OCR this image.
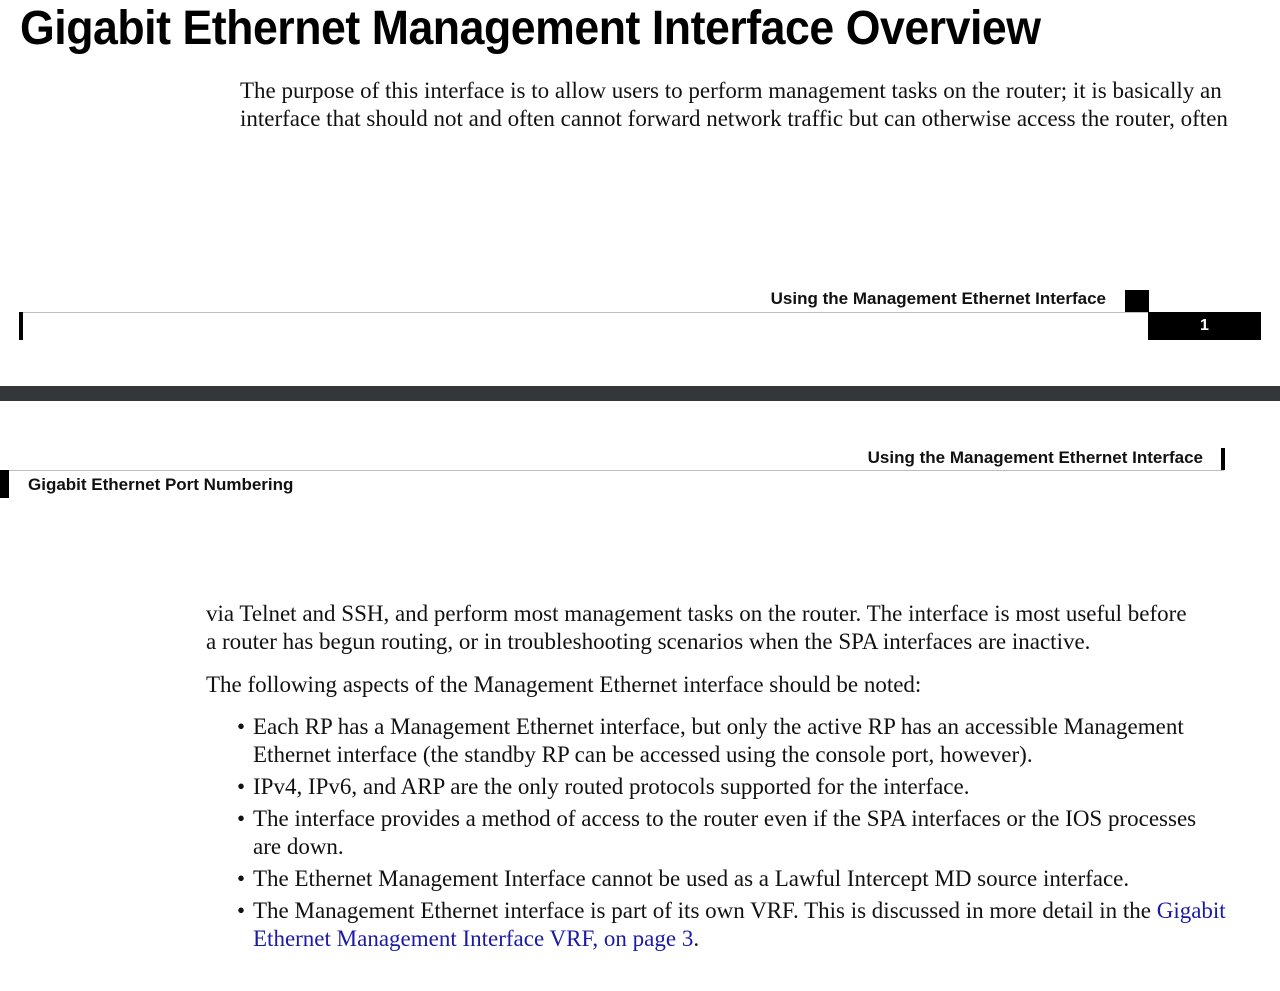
Gigabit Ethernet Management Interface Overview
The purpose of this interface is to allow users to perform management tasks on the router; it is basically an
interface that should not and often cannot forward network traffic but can otherwise access the router, often
Using the Management Ethernet Interface
1
Using the Management Ethernet Interface
Gigabit Ethernet Port Numbering
via Telnet and SSH, and perform most management tasks on the router. The interface is most useful before
a router has begun routing, or in troubleshooting scenarios when the SPA interfaces are inactive.
The following aspects of the Management Ethernet interface should be noted:
• Each RP has a Management Ethernet interface, but only the active RP has an accessible Management
Ethernet interface (the standby RP can be accessed using the console port, however).
• IPv4, IPv6, and ARP are the only routed protocols supported for the interface.
• The interface provides a method of access to the router even if the SPA interfaces or the IOS processes
are down.
• The Ethernet Management Interface cannot be used as a Lawful Intercept MD source interface.
• The Management Ethernet interface is part of its own VRF. This is discussed in more detail in the Gigabit
Ethernet Management Interface VRF, on page 3.
